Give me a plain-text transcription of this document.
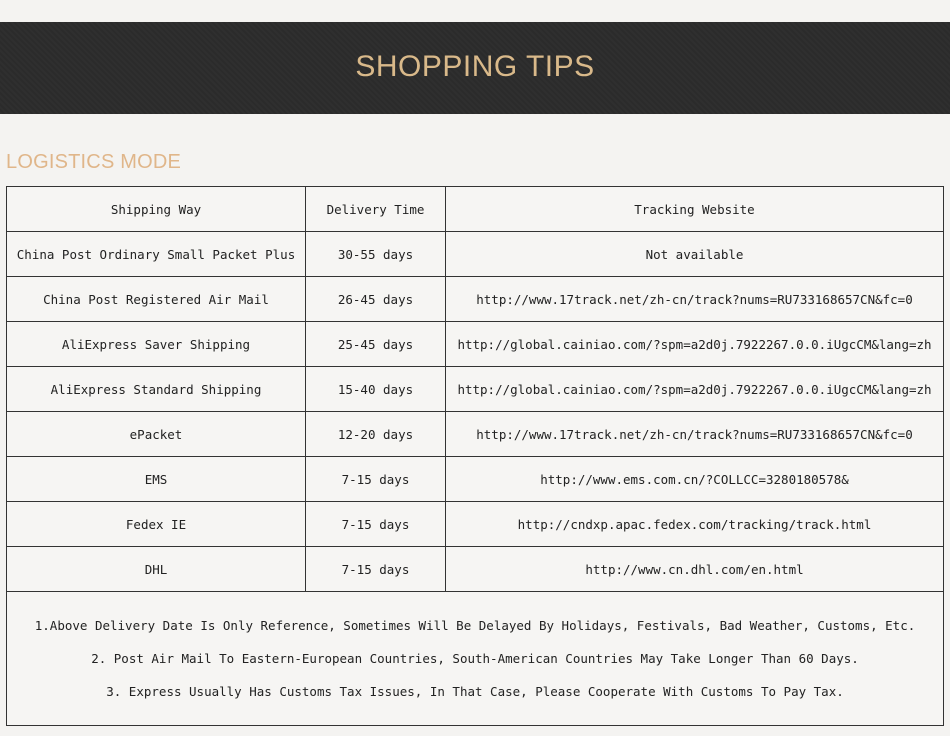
SHOPPING TIPS
LOGISTICS MODE
Shipping Way	Delivery Time	Tracking Website
China Post Ordinary Small Packet Plus	30-55 days	Not available
China Post Registered Air Mail	26-45 days	http://www.17track.net/zh-cn/track?nums=RU733168657CN&fc=0
AliExpress Saver Shipping	25-45 days	http://global.cainiao.com/?spm=a2d0j.7922267.0.0.iUgcCM&lang=zh
AliExpress Standard Shipping	15-40 days	http://global.cainiao.com/?spm=a2d0j.7922267.0.0.iUgcCM&lang=zh
ePacket	12-20 days	http://www.17track.net/zh-cn/track?nums=RU733168657CN&fc=0
EMS	7-15 days	http://www.ems.com.cn/?COLLCC=3280180578&
Fedex IE	7-15 days	http://cndxp.apac.fedex.com/tracking/track.html
DHL	7-15 days	http://www.cn.dhl.com/en.html

1.Above Delivery Date Is Only Reference, Sometimes Will Be Delayed By Holidays, Festivals, Bad Weather, Customs, Etc.
2. Post Air Mail To Eastern-European Countries, South-American Countries May Take Longer Than 60 Days.
3. Express Usually Has Customs Tax Issues, In That Case, Please Cooperate With Customs To Pay Tax.		
